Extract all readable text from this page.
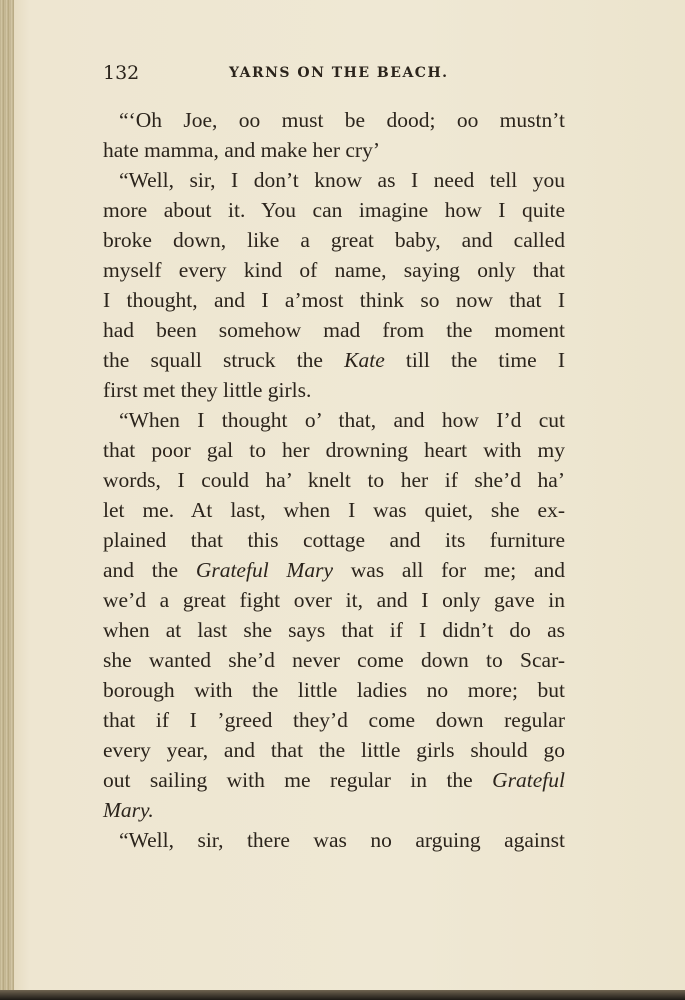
132	YARNS ON THE BEACH.
“‘Oh Joe, oo must be dood; oo mustn’t
hate mamma, and make her cry’
“Well, sir, I don’t know as I need tell you
more about it. You can imagine how I quite
broke down, like a great baby, and called
myself every kind of name, saying only that
I thought, and I a’most think so now that I
had been somehow mad from the moment
the squall struck the Kate till the time I
first met they little girls.
“When I thought o’ that, and how I’d cut
that poor gal to her drowning heart with my
words, I could ha’ knelt to her if she’d ha’
let me. At last, when I was quiet, she ex-
plained that this cottage and its furniture
and the Grateful Mary was all for me; and
we’d a great fight over it, and I only gave in
when at last she says that if I didn’t do as
she wanted she’d never come down to Scar-
borough with the little ladies no more; but
that if I ’greed they’d come down regular
every year, and that the little girls should go
out sailing with me regular in the Grateful
Mary.
“Well, sir, there was no arguing against
